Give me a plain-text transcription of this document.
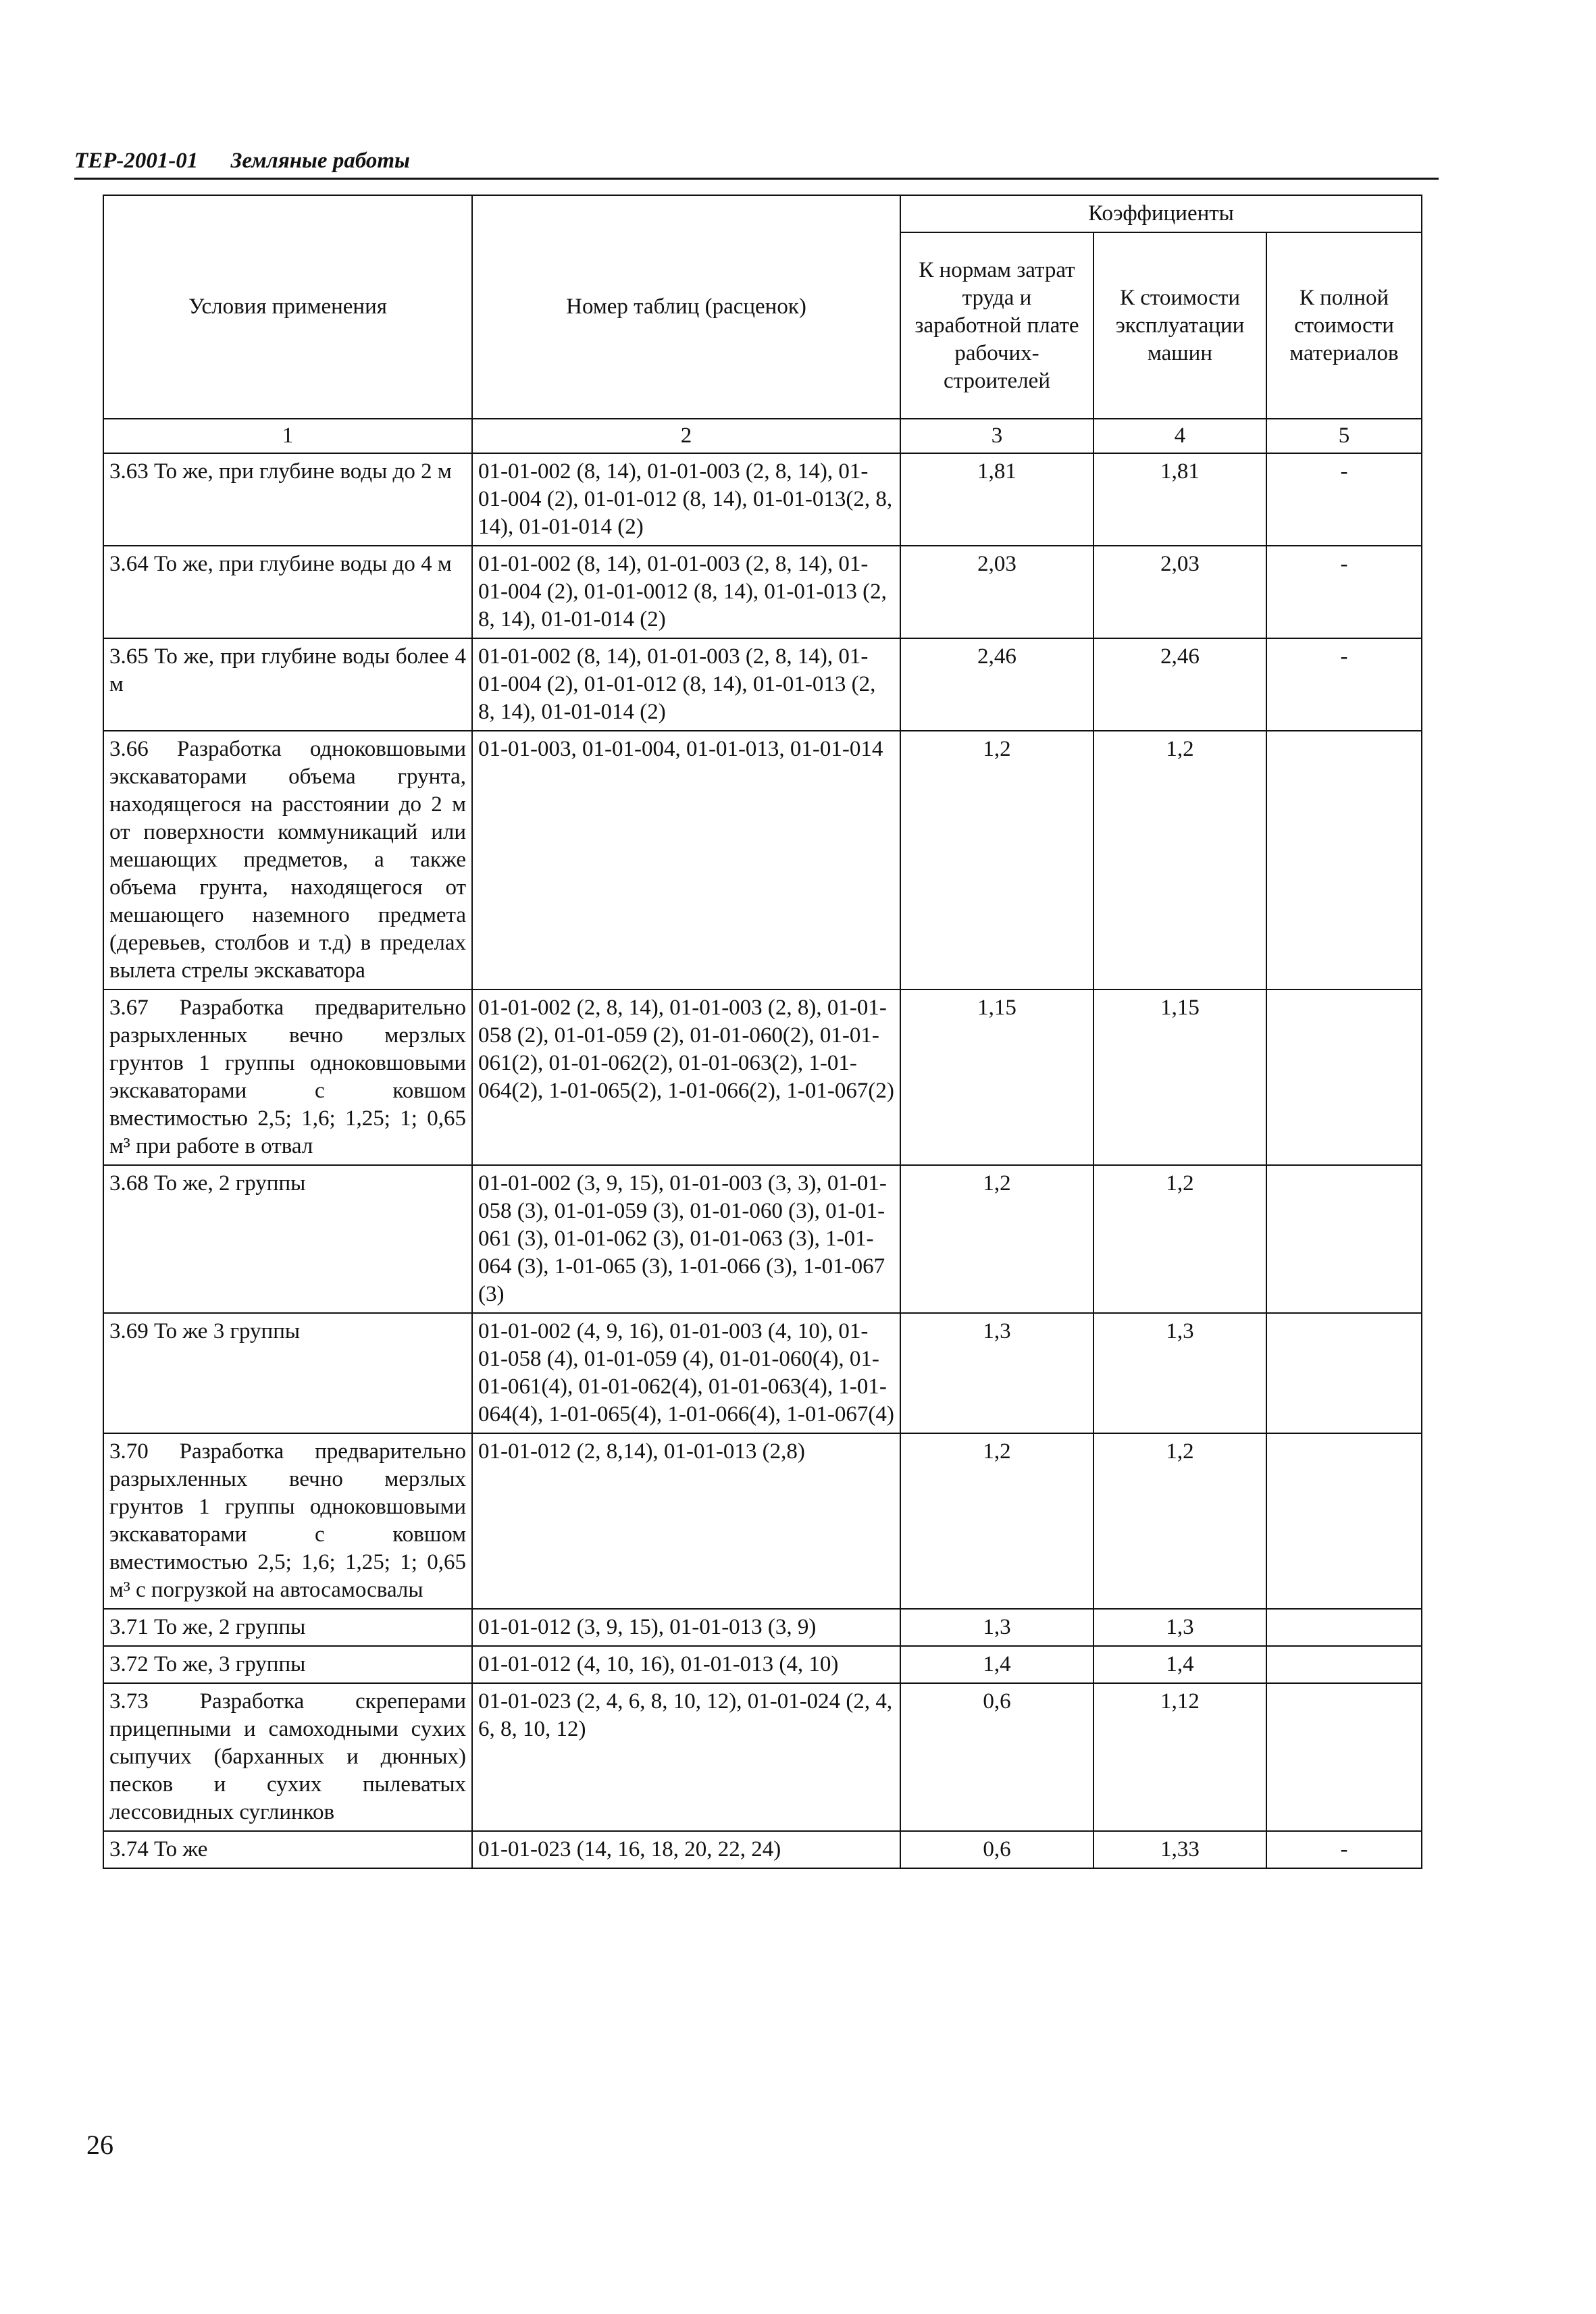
ТЕР-2001-01 Земляные работы
Условия применения	Номер таблиц (расценок)	Коэффициенты		
		К нормам затрат труда и заработной плате рабочих-строителей	К стоимости эксплуатации машин	К полной стоимости материалов
1	2	3	4	5
3.63 То же, при глубине воды до 2 м	01-01-002 (8, 14), 01-01-003 (2, 8, 14), 01-01-004 (2), 01-01-012 (8, 14), 01-01-013(2, 8, 14), 01-01-014 (2)	1,81	1,81	-
3.64 То же, при глубине воды до 4 м	01-01-002 (8, 14), 01-01-003 (2, 8, 14), 01-01-004 (2), 01-01-0012 (8, 14), 01-01-013 (2, 8, 14), 01-01-014 (2)	2,03	2,03	-
3.65 То же, при глубине воды более 4 м	01-01-002 (8, 14), 01-01-003 (2, 8, 14), 01-01-004 (2), 01-01-012 (8, 14), 01-01-013 (2, 8, 14), 01-01-014 (2)	2,46	2,46	-
3.66 Разработка одноковшовыми экскаваторами объема грунта, находящегося на расстоянии до 2 м от поверхности коммуникаций или мешающих предметов, а также объема грунта, находящегося от мешающего наземного предмета (деревьев, столбов и т.д) в пределах вылета стрелы экскаватора	01-01-003, 01-01-004, 01-01-013, 01-01-014	1,2	1,2	
3.67 Разработка предварительно разрыхленных вечно мерзлых грунтов 1 группы одноковшовыми экскаваторами с ковшом вместимостью 2,5; 1,6; 1,25; 1; 0,65 м³ при работе в отвал	01-01-002 (2, 8, 14), 01-01-003 (2, 8), 01-01-058 (2), 01-01-059 (2), 01-01-060(2), 01-01-061(2), 01-01-062(2), 01-01-063(2), 1-01-064(2), 1-01-065(2), 1-01-066(2), 1-01-067(2)	1,15	1,15	
3.68 То же, 2 группы	01-01-002 (3, 9, 15), 01-01-003 (3, 3), 01-01-058 (3), 01-01-059 (3), 01-01-060 (3), 01-01-061 (3), 01-01-062 (3), 01-01-063 (3), 1-01-064 (3), 1-01-065 (3), 1-01-066 (3), 1-01-067 (3)	1,2	1,2	
3.69 То же 3 группы	01-01-002 (4, 9, 16), 01-01-003 (4, 10), 01-01-058 (4), 01-01-059 (4), 01-01-060(4), 01-01-061(4), 01-01-062(4), 01-01-063(4), 1-01-064(4), 1-01-065(4), 1-01-066(4), 1-01-067(4)	1,3	1,3	
3.70 Разработка предварительно разрыхленных вечно мерзлых грунтов 1 группы одноковшовыми экскаваторами с ковшом вместимостью 2,5; 1,6; 1,25; 1; 0,65 м³ с погрузкой на автосамосвалы	01-01-012 (2, 8,14), 01-01-013 (2,8)	1,2	1,2	
3.71 То же, 2 группы	01-01-012 (3, 9, 15), 01-01-013 (3, 9)	1,3	1,3	
3.72 То же, 3 группы	01-01-012 (4, 10, 16), 01-01-013 (4, 10)	1,4	1,4	
3.73 Разработка скреперами прицепными и самоходными сухих сыпучих (барханных и дюнных) песков и сухих пылеватых лессовидных суглинков	01-01-023 (2, 4, 6, 8, 10, 12), 01-01-024 (2, 4, 6, 8, 10, 12)	0,6	1,12	
3.74 То же	01-01-023 (14, 16, 18, 20, 22, 24)	0,6	1,33	-
26
